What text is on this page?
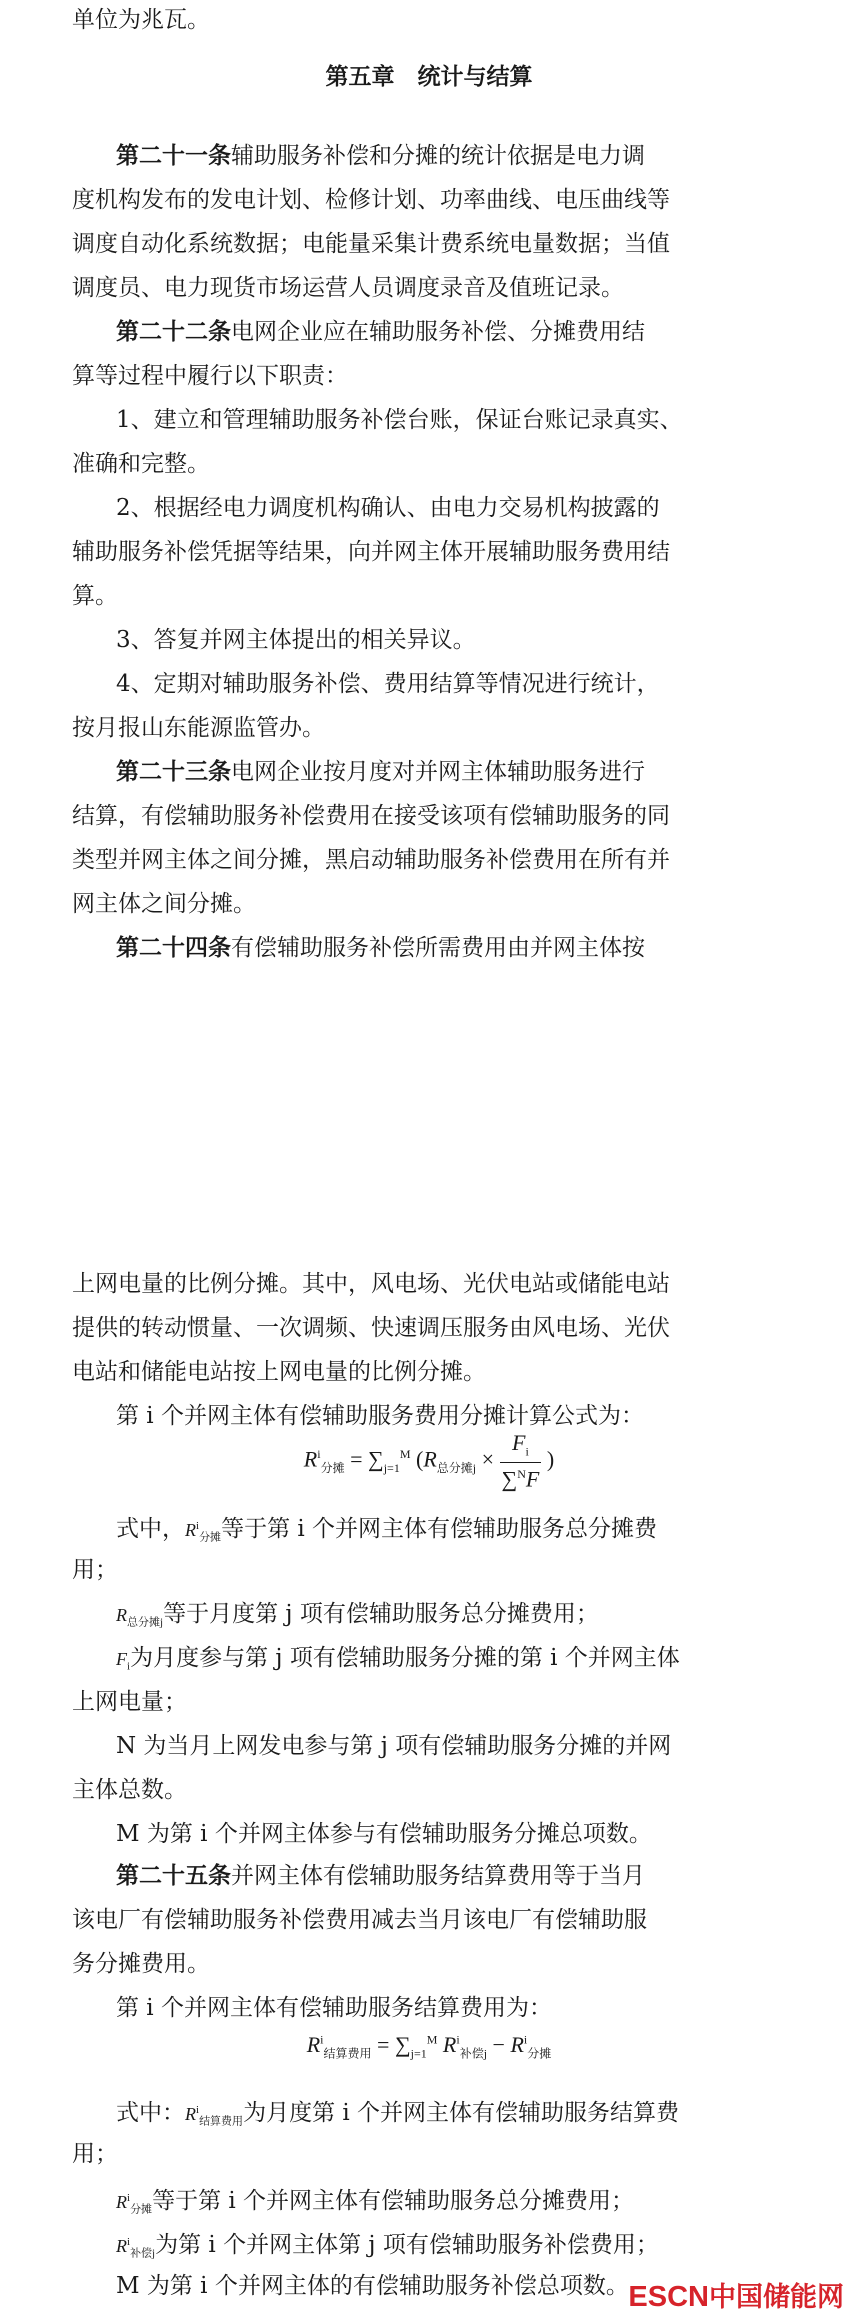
单位为兆瓦。
第五章　统计与结算
第二十一条辅助服务补偿和分摊的统计依据是电力调
度机构发布的发电计划、检修计划、功率曲线、电压曲线等
调度自动化系统数据；电能量采集计费系统电量数据；当值
调度员、电力现货市场运营人员调度录音及值班记录。
第二十二条电网企业应在辅助服务补偿、分摊费用结
算等过程中履行以下职责：
1、建立和管理辅助服务补偿台账，保证台账记录真实、
准确和完整。
2、根据经电力调度机构确认、由电力交易机构披露的
辅助服务补偿凭据等结果，向并网主体开展辅助服务费用结
算。
3、答复并网主体提出的相关异议。
4、定期对辅助服务补偿、费用结算等情况进行统计，
按月报山东能源监管办。
第二十三条电网企业按月度对并网主体辅助服务进行
结算，有偿辅助服务补偿费用在接受该项有偿辅助服务的同
类型并网主体之间分摊，黑启动辅助服务补偿费用在所有并
网主体之间分摊。
第二十四条有偿辅助服务补偿所需费用由并网主体按
上网电量的比例分摊。其中，风电场、光伏电站或储能电站
提供的转动惯量、一次调频、快速调压服务由风电场、光伏
电站和储能电站按上网电量的比例分摊。
第 i 个并网主体有偿辅助服务费用分摊计算公式为：
$R^i_{分摊} = \sum_{j=1}^M$ ($R_{总分摊j} \times F_i$
∑$^N$F )
式中，$R^i_{分摊}$等于第 i 个并网主体有偿辅助服务总分摊费
用；
$R_{总分摊j}$等于月度第 j 项有偿辅助服务总分摊费用；
$F_i$为月度参与第 j 项有偿辅助服务分摊的第 i 个并网主体
上网电量；
N 为当月上网发电参与第 j 项有偿辅助服务分摊的并网
主体总数。
M 为第 i 个并网主体参与有偿辅助服务分摊总项数。
第二十五条并网主体有偿辅助服务结算费用等于当月
该电厂有偿辅助服务补偿费用减去当月该电厂有偿辅助服
务分摊费用。
第 i 个并网主体有偿辅助服务结算费用为：
$R^i_{结算费用} = \sum_{j=1}^M$ $R^i_{补偿j} - R^i_{分摊}$
式中：$R^i_{结算费用}$为月度第 i 个并网主体有偿辅助服务结算费
用；
$R^i_{分摊}$等于第 i 个并网主体有偿辅助服务总分摊费用；
$R^i_{补偿j}$为第 i 个并网主体第 j 项有偿辅助服务补偿费用；
M 为第 i 个并网主体的有偿辅助服务补偿总项数。 ESCN中国储能网
